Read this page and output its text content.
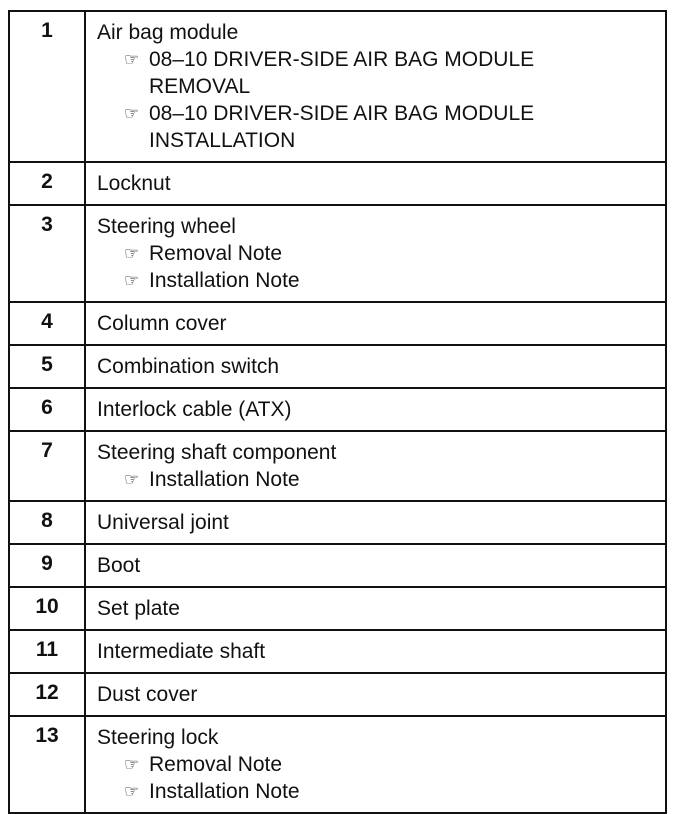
1	Air bag module
☞ 08–10 DRIVER-SIDE AIR BAG MODULE REMOVAL
☞ 08–10 DRIVER-SIDE AIR BAG MODULE INSTALLATION

2	Locknut

3	Steering wheel
☞ Removal Note
☞ Installation Note

4	Column cover

5	Combination switch

6	Interlock cable (ATX)

7	Steering shaft component
☞ Installation Note

8	Universal joint

9	Boot

10	Set plate

11	Intermediate shaft

12	Dust cover

13	Steering lock
☞ Removal Note
☞ Installation Note
